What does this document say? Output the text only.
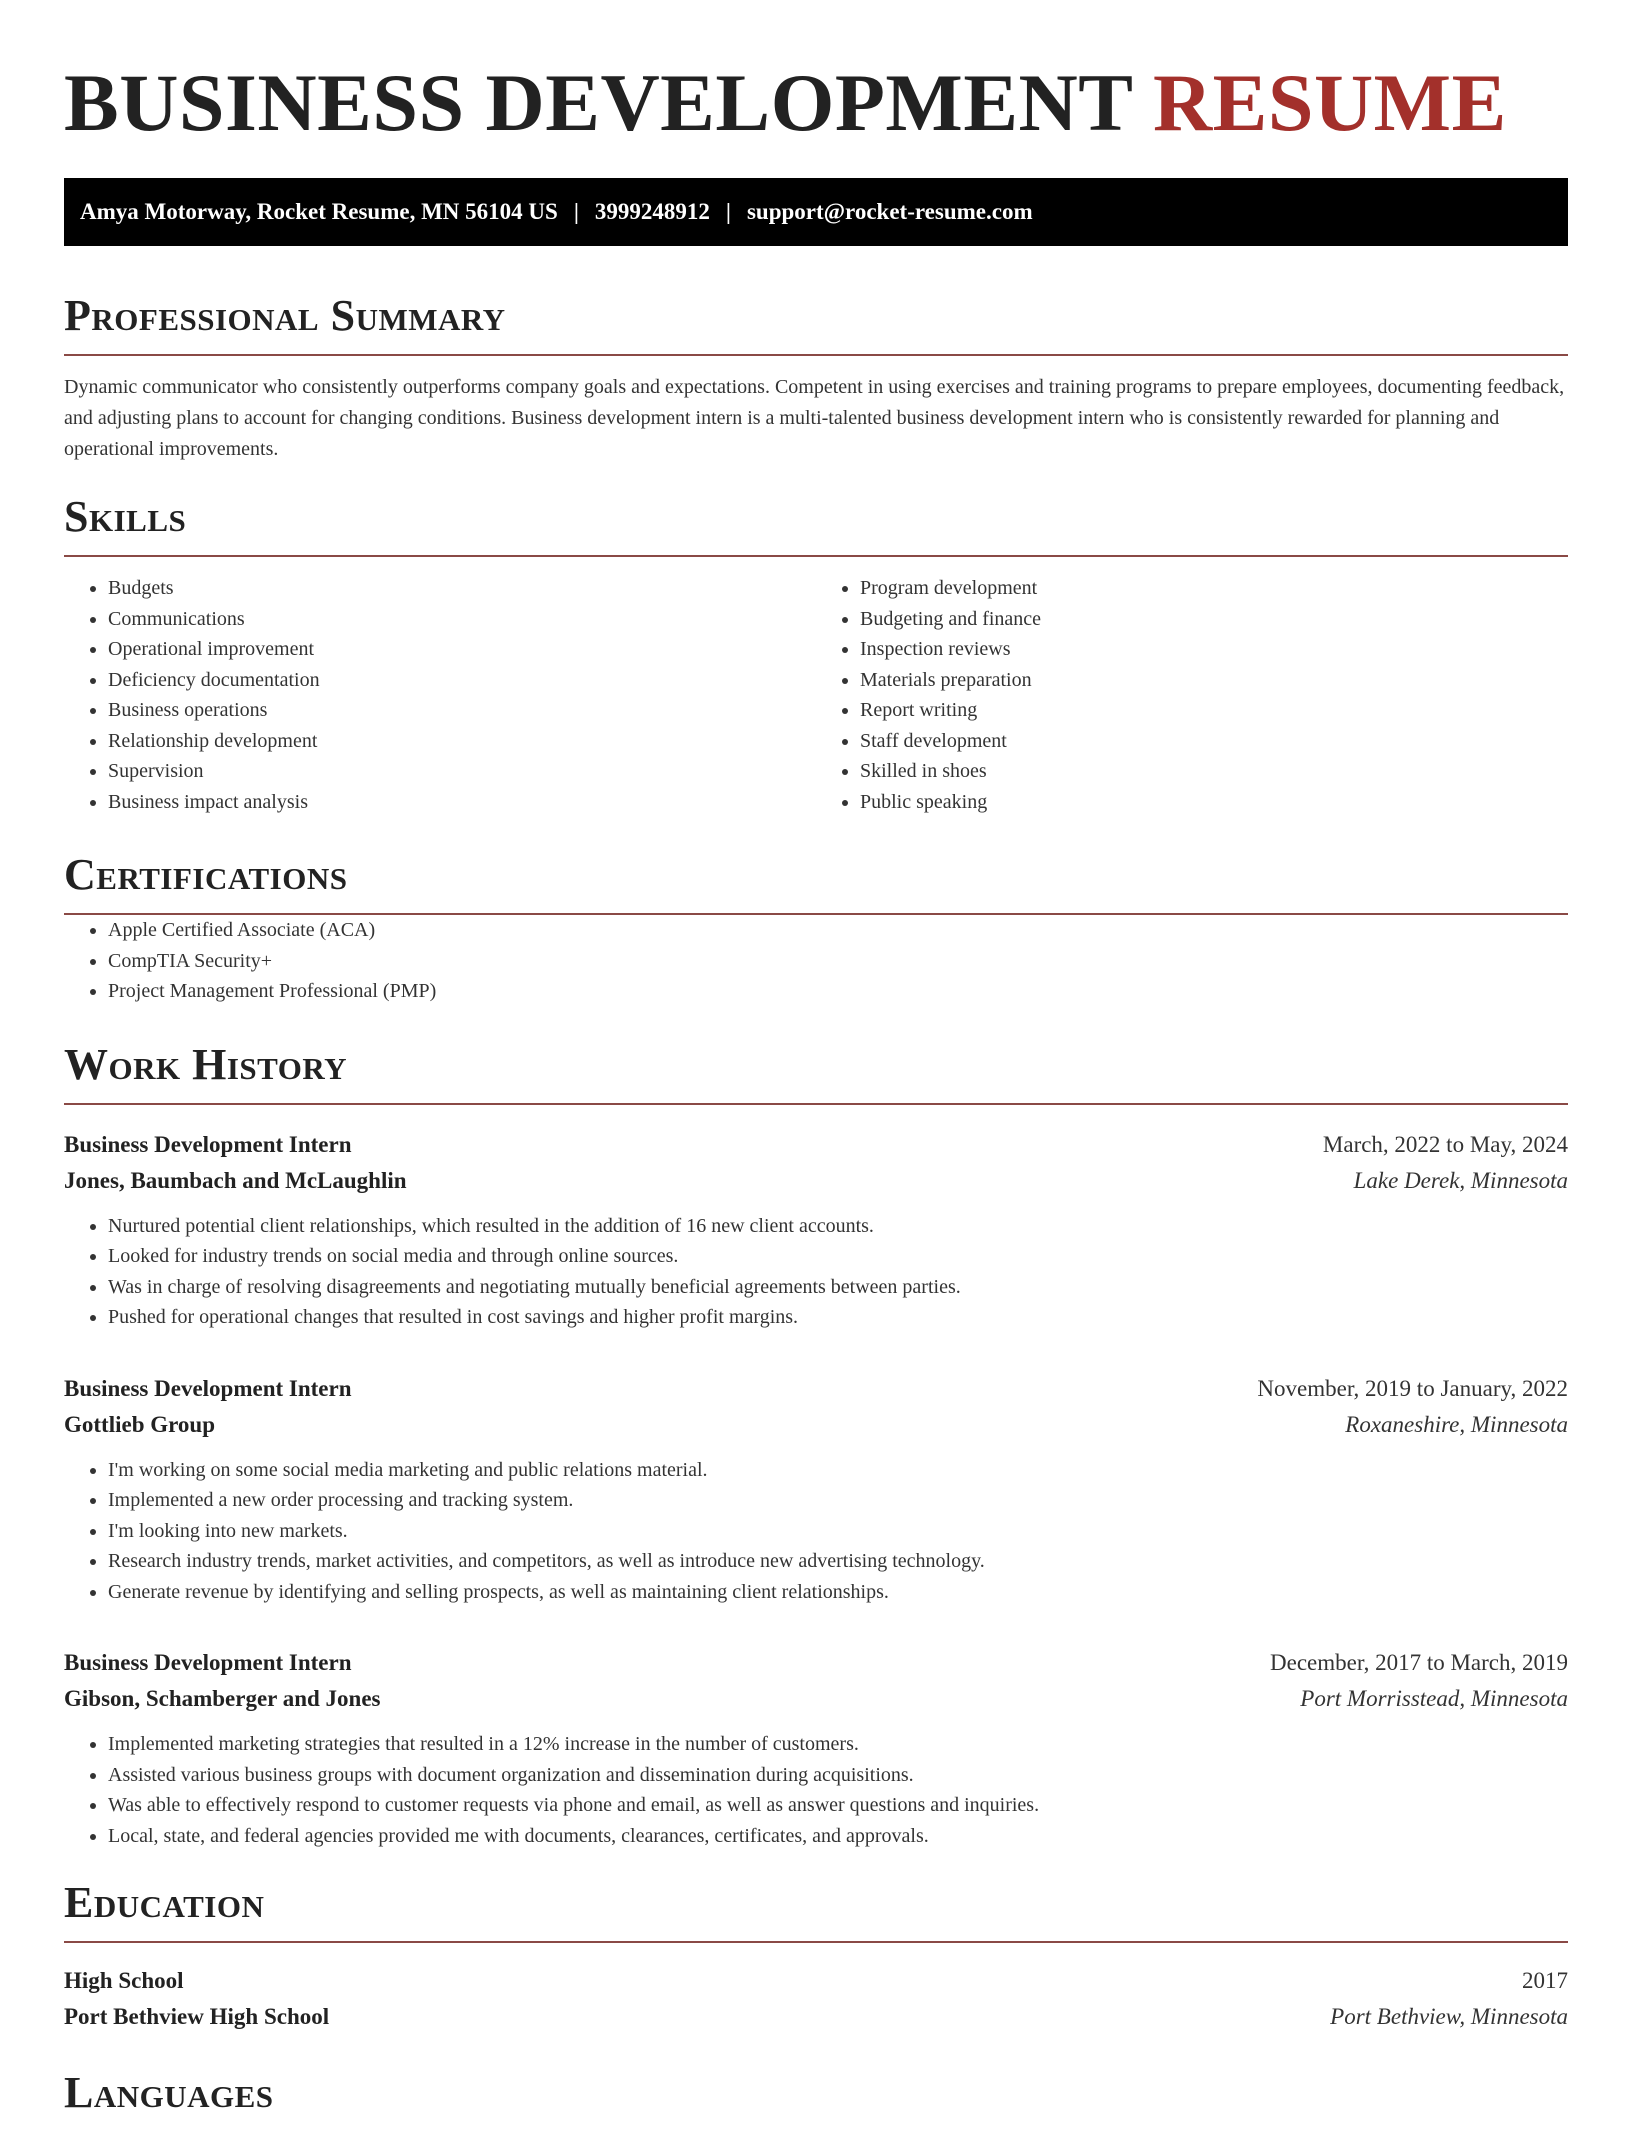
BUSINESS DEVELOPMENT RESUME
Amya Motorway, Rocket Resume, MN 56104 US | 3999248912 | support@rocket-resume.com
Professional Summary

Dynamic communicator who consistently outperforms company goals and expectations. Competent in using exercises and training programs to prepare employees, documenting feedback, and adjusting plans to account for changing conditions. Business development intern is a multi-talented business development intern who is consistently rewarded for planning and operational improvements.

Skills
• Budgets
• Communications
• Operational improvement
• Deficiency documentation
• Business operations
• Relationship development
• Supervision
• Business impact analysis
• Program development
• Budgeting and finance
• Inspection reviews
• Materials preparation
• Report writing
• Staff development
• Skilled in shoes
• Public speaking
Certifications
• Apple Certified Associate (ACA)
• CompTIA Security+
• Project Management Professional (PMP)
Work History
Business Development Intern	March, 2022 to May, 2024
Jones, Baumbach and McLaughlin	Lake Derek, Minnesota
• Nurtured potential client relationships, which resulted in the addition of 16 new client accounts.
• Looked for industry trends on social media and through online sources.
• Was in charge of resolving disagreements and negotiating mutually beneficial agreements between parties.
• Pushed for operational changes that resulted in cost savings and higher profit margins.
Business Development Intern	November, 2019 to January, 2022
Gottlieb Group	Roxaneshire, Minnesota
• I'm working on some social media marketing and public relations material.
• Implemented a new order processing and tracking system.
• I'm looking into new markets.
• Research industry trends, market activities, and competitors, as well as introduce new advertising technology.
• Generate revenue by identifying and selling prospects, as well as maintaining client relationships.
Business Development Intern	December, 2017 to March, 2019
Gibson, Schamberger and Jones	Port Morrisstead, Minnesota
• Implemented marketing strategies that resulted in a 12% increase in the number of customers.
• Assisted various business groups with document organization and dissemination during acquisitions.
• Was able to effectively respond to customer requests via phone and email, as well as answer questions and inquiries.
• Local, state, and federal agencies provided me with documents, clearances, certificates, and approvals.
Education
High School	2017
Port Bethview High School	Port Bethview, Minnesota
Languages
